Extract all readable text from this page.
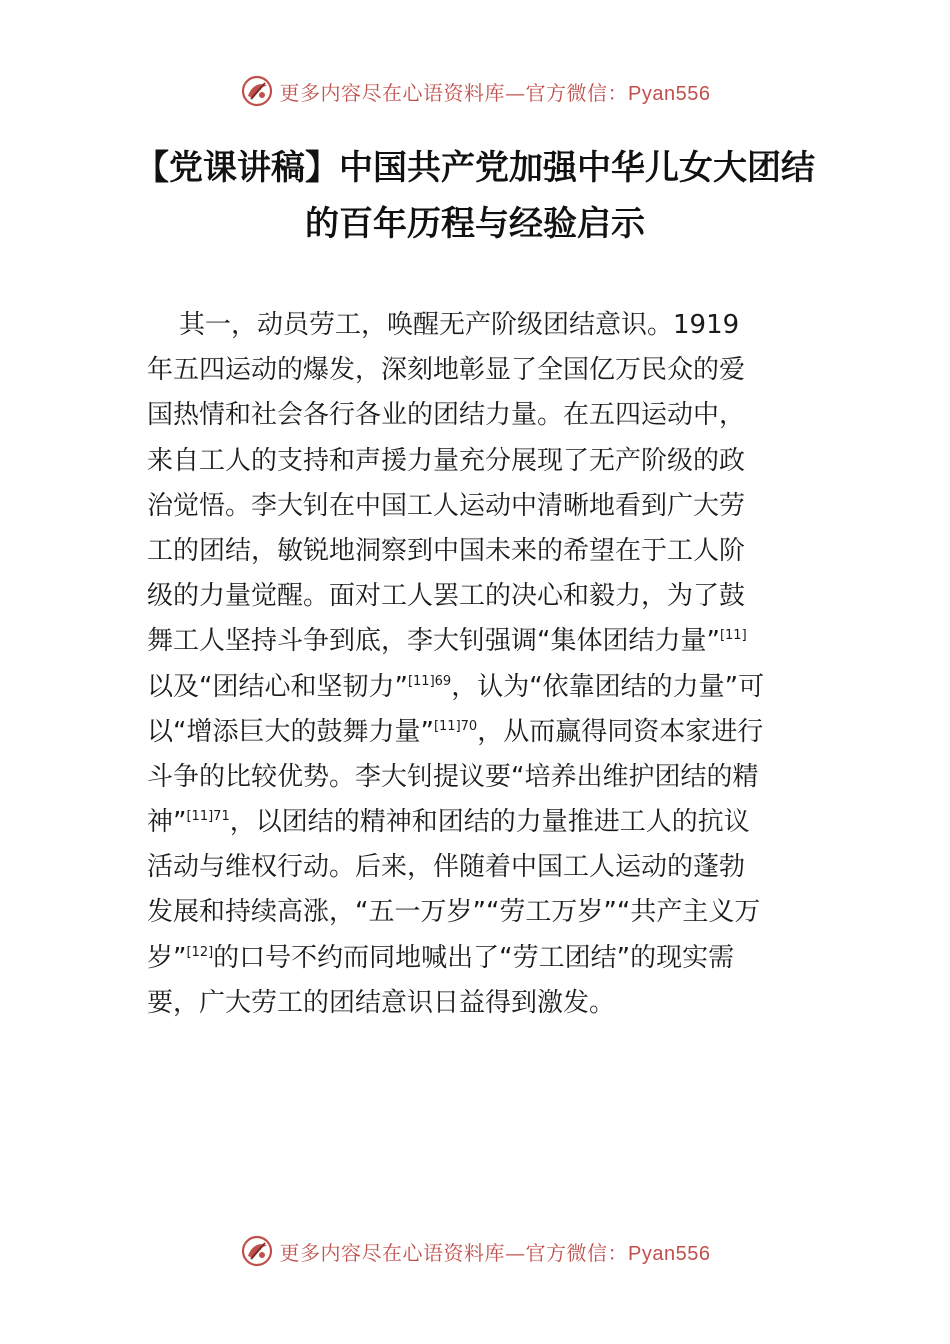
更多内容尽在心语资料库—官方微信：Pyan556
【党课讲稿】中国共产党加强中华儿女大团结
的百年历程与经验启示
其一，动员劳工，唤醒无产阶级团结意识。1919
年五四运动的爆发，深刻地彰显了全国亿万民众的爱
国热情和社会各行各业的团结力量。在五四运动中，
来自工人的支持和声援力量充分展现了无产阶级的政
治觉悟。李大钊在中国工人运动中清晰地看到广大劳
工的团结，敏锐地洞察到中国未来的希望在于工人阶
级的力量觉醒。面对工人罢工的决心和毅力，为了鼓
舞工人坚持斗争到底，李大钊强调“集体团结力量”[11]
以及“团结心和坚韧力”$^{[11]69}$，认为“依靠团结的力量”可
以“增添巨大的鼓舞力量”$^{[11]70}$，从而赢得同资本家进行
斗争的比较优势。李大钊提议要“培养出维护团结的精
神”$^{[11]71}$，以团结的精神和团结的力量推进工人的抗议
活动与维权行动。后来，伴随着中国工人运动的蓬勃
发展和持续高涨，“五一万岁”“劳工万岁”“共产主义万
岁”[12]的口号不约而同地喊出了“劳工团结”的现实需
要，广大劳工的团结意识日益得到激发。
更多内容尽在心语资料库—官方微信：Pyan556
